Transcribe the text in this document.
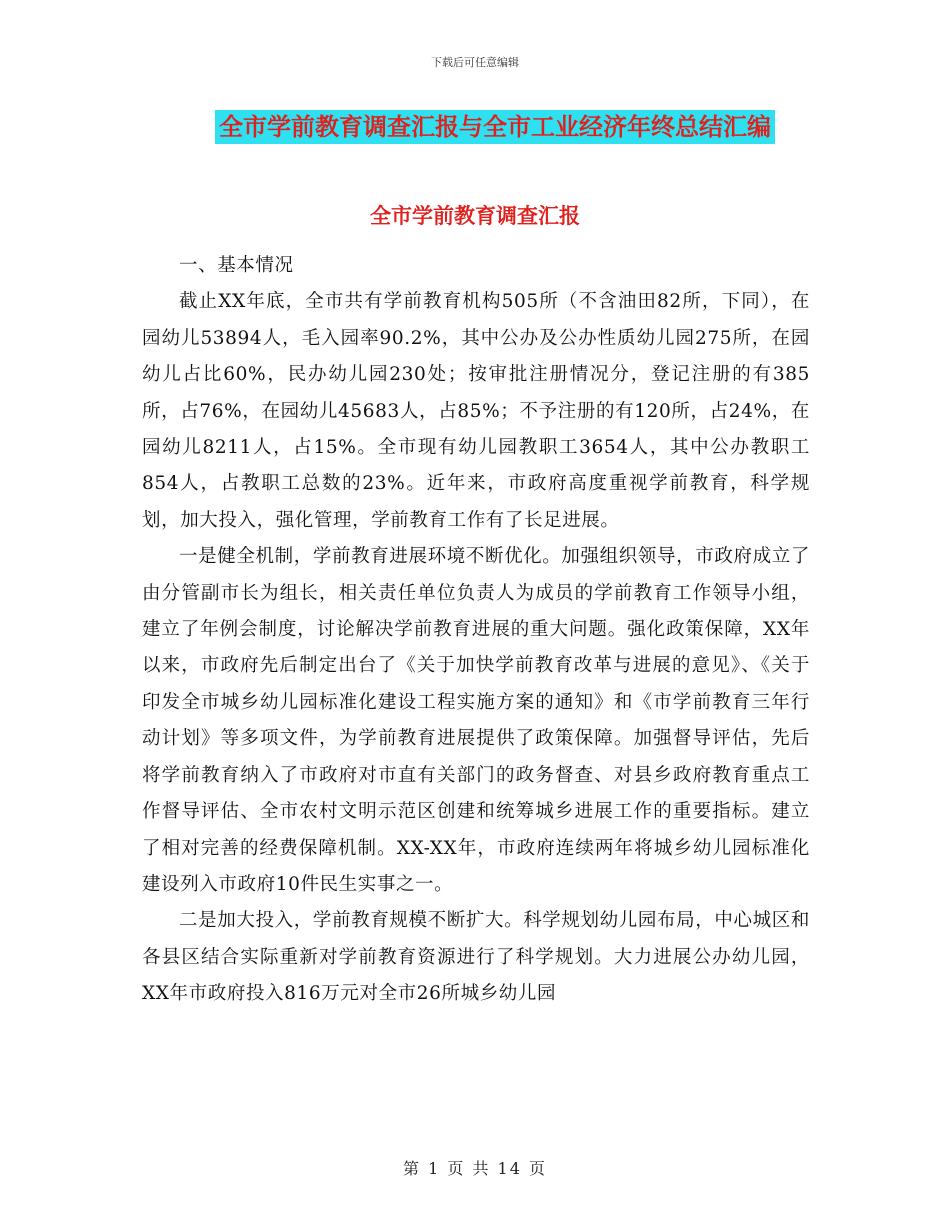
下载后可任意编辑
全市学前教育调查汇报与全市工业经济年终总结汇编
全市学前教育调查汇报

一、基本情况

截止XX年底，全市共有学前教育机构505所（不含油田82所，下同），在园幼儿53894人，毛入园率90.2%，其中公办及公办性质幼儿园275所，在园幼儿占比60%，民办幼儿园230处；按审批注册情况分，登记注册的有385所，占76%，在园幼儿45683人，占85%；不予注册的有120所，占24%，在园幼儿8211人，占15%。全市现有幼儿园教职工3654人，其中公办教职工854人，占教职工总数的23%。近年来，市政府高度重视学前教育，科学规划，加大投入，强化管理，学前教育工作有了长足进展。

一是健全机制，学前教育进展环境不断优化。加强组织领导，市政府成立了由分管副市长为组长，相关责任单位负责人为成员的学前教育工作领导小组，建立了年例会制度，讨论解决学前教育进展的重大问题。强化政策保障，XX年以来，市政府先后制定出台了《关于加快学前教育改革与进展的意见》、《关于印发全市城乡幼儿园标准化建设工程实施方案的通知》和《市学前教育三年行动计划》等多项文件，为学前教育进展提供了政策保障。加强督导评估，先后将学前教育纳入了市政府对市直有关部门的政务督查、对县乡政府教育重点工作督导评估、全市农村文明示范区创建和统筹城乡进展工作的重要指标。建立了相对完善的经费保障机制。XX-XX年，市政府连续两年将城乡幼儿园标准化建设列入市政府10件民生实事之一。

二是加大投入，学前教育规模不断扩大。科学规划幼儿园布局，中心城区和各县区结合实际重新对学前教育资源进行了科学规划。大力进展公办幼儿园，XX年市政府投入816万元对全市26所城乡幼儿园

第 1 页 共 14 页
